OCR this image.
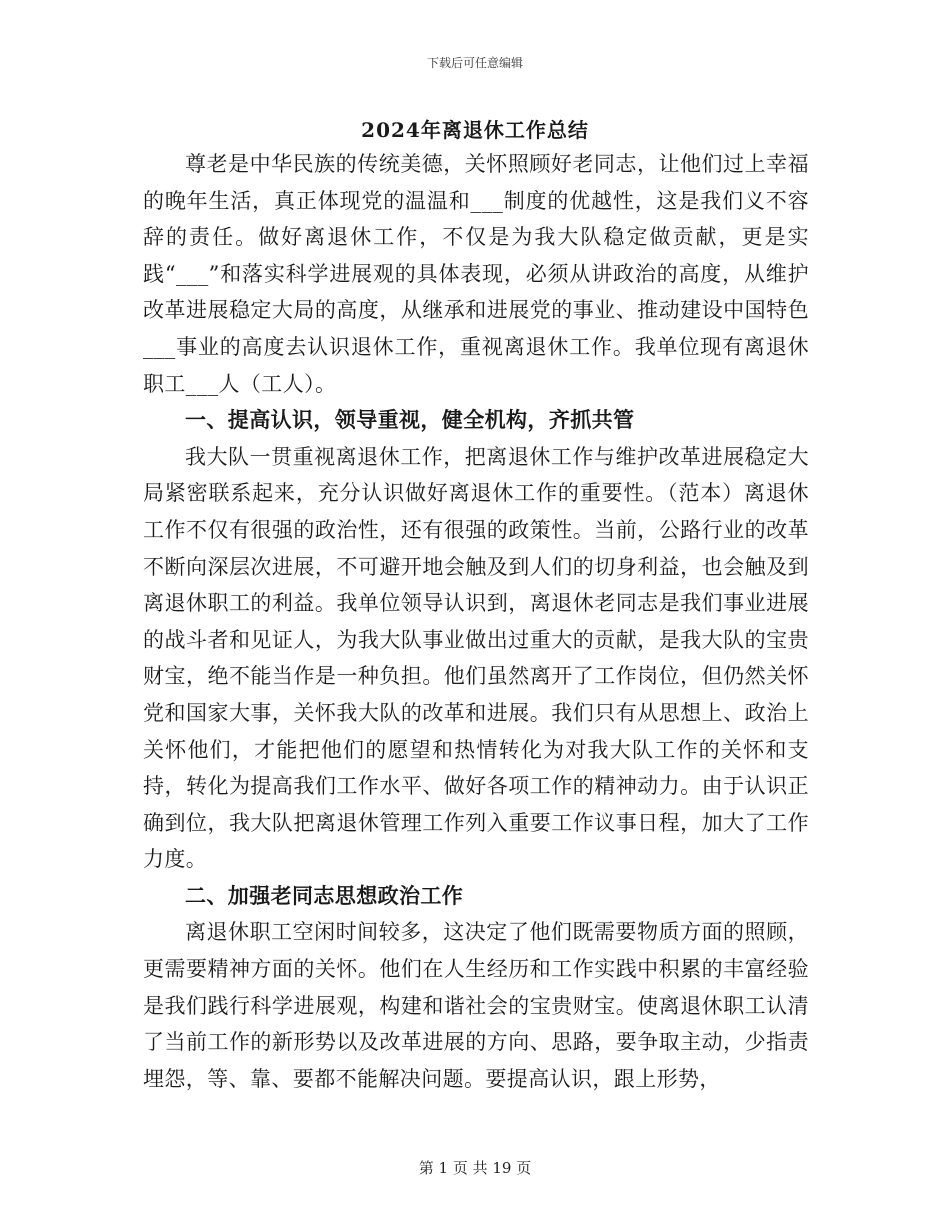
下载后可任意编辑
2024年离退休工作总结

尊老是中华民族的传统美德，关怀照顾好老同志，让他们过上幸福的晚年生活，真正体现党的温温和___制度的优越性，这是我们义不容辞的责任。做好离退休工作，不仅是为我大队稳定做贡献，更是实践“___”和落实科学进展观的具体表现，必须从讲政治的高度，从维护改革进展稳定大局的高度，从继承和进展党的事业、推动建设中国特色___事业的高度去认识退休工作，重视离退休工作。我单位现有离退休职工___人（工人）。

一、提高认识，领导重视，健全机构，齐抓共管

我大队一贯重视离退休工作，把离退休工作与维护改革进展稳定大局紧密联系起来，充分认识做好离退休工作的重要性。（范本）离退休工作不仅有很强的政治性，还有很强的政策性。当前，公路行业的改革不断向深层次进展，不可避开地会触及到人们的切身利益，也会触及到离退休职工的利益。我单位领导认识到，离退休老同志是我们事业进展的战斗者和见证人，为我大队事业做出过重大的贡献，是我大队的宝贵财宝，绝不能当作是一种负担。他们虽然离开了工作岗位，但仍然关怀党和国家大事，关怀我大队的改革和进展。我们只有从思想上、政治上关怀他们，才能把他们的愿望和热情转化为对我大队工作的关怀和支持，转化为提高我们工作水平、做好各项工作的精神动力。由于认识正确到位，我大队把离退休管理工作列入重要工作议事日程，加大了工作力度。

二、加强老同志思想政治工作

离退休职工空闲时间较多，这决定了他们既需要物质方面的照顾，更需要精神方面的关怀。他们在人生经历和工作实践中积累的丰富经验是我们践行科学进展观，构建和谐社会的宝贵财宝。使离退休职工认清了当前工作的新形势以及改革进展的方向、思路，要争取主动，少指责埋怨，等、靠、要都不能解决问题。要提高认识，跟上形势，

第 1 页 共 19 页
